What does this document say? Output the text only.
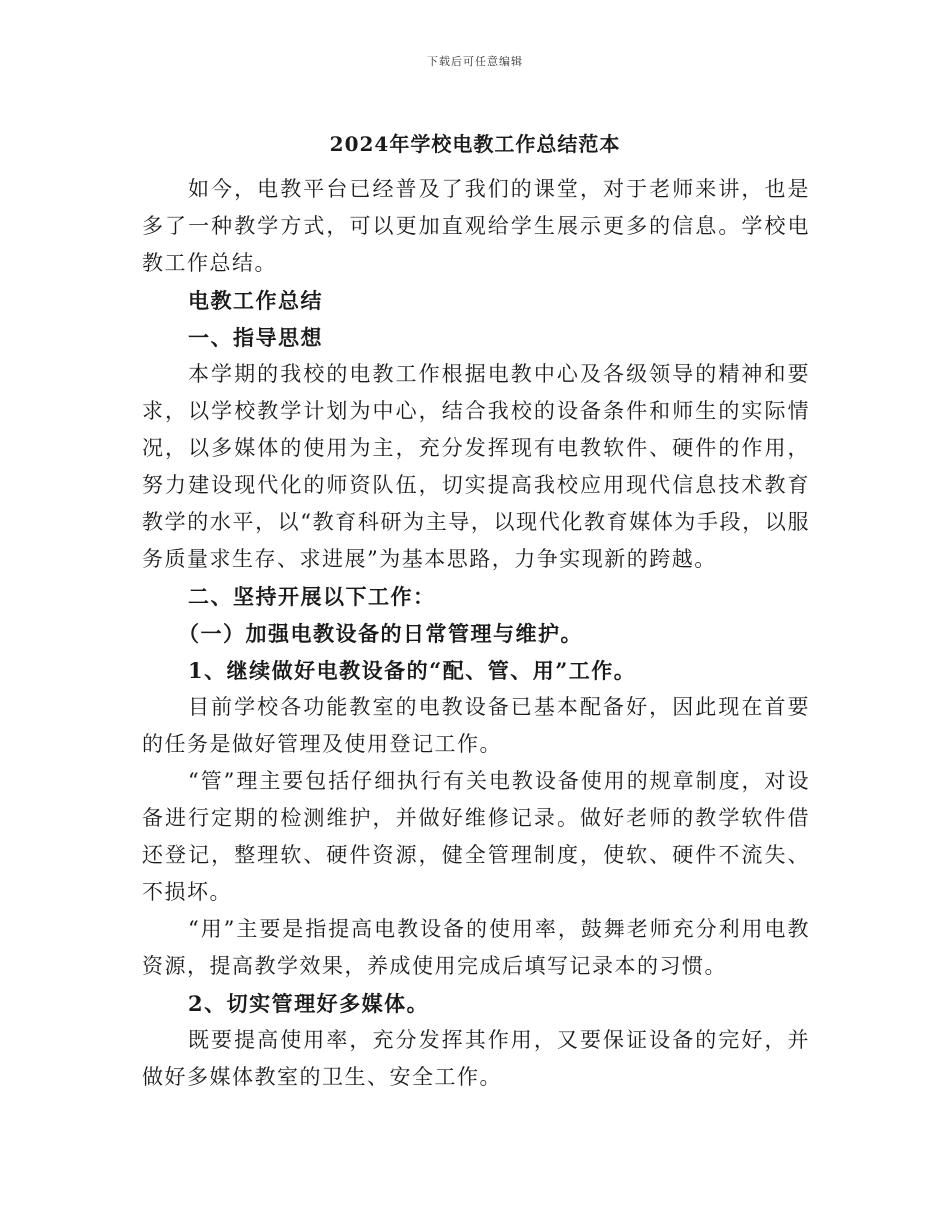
下载后可任意编辑
2024年学校电教工作总结范本

如今，电教平台已经普及了我们的课堂，对于老师来讲，也是多了一种教学方式，可以更加直观给学生展示更多的信息。学校电教工作总结。

电教工作总结

一、指导思想

本学期的我校的电教工作根据电教中心及各级领导的精神和要求，以学校教学计划为中心，结合我校的设备条件和师生的实际情况，以多媒体的使用为主，充分发挥现有电教软件、硬件的作用，努力建设现代化的师资队伍，切实提高我校应用现代信息技术教育教学的水平，以“教育科研为主导，以现代化教育媒体为手段，以服务质量求生存、求进展”为基本思路，力争实现新的跨越。

二、坚持开展以下工作：

（一）加强电教设备的日常管理与维护。

1、继续做好电教设备的“配、管、用”工作。

目前学校各功能教室的电教设备已基本配备好，因此现在首要的任务是做好管理及使用登记工作。

“管”理主要包括仔细执行有关电教设备使用的规章制度，对设备进行定期的检测维护，并做好维修记录。做好老师的教学软件借还登记，整理软、硬件资源，健全管理制度，使软、硬件不流失、不损坏。

“用”主要是指提高电教设备的使用率，鼓舞老师充分利用电教资源，提高教学效果，养成使用完成后填写记录本的习惯。

2、切实管理好多媒体。

既要提高使用率，充分发挥其作用，又要保证设备的完好，并做好多媒体教室的卫生、安全工作。
